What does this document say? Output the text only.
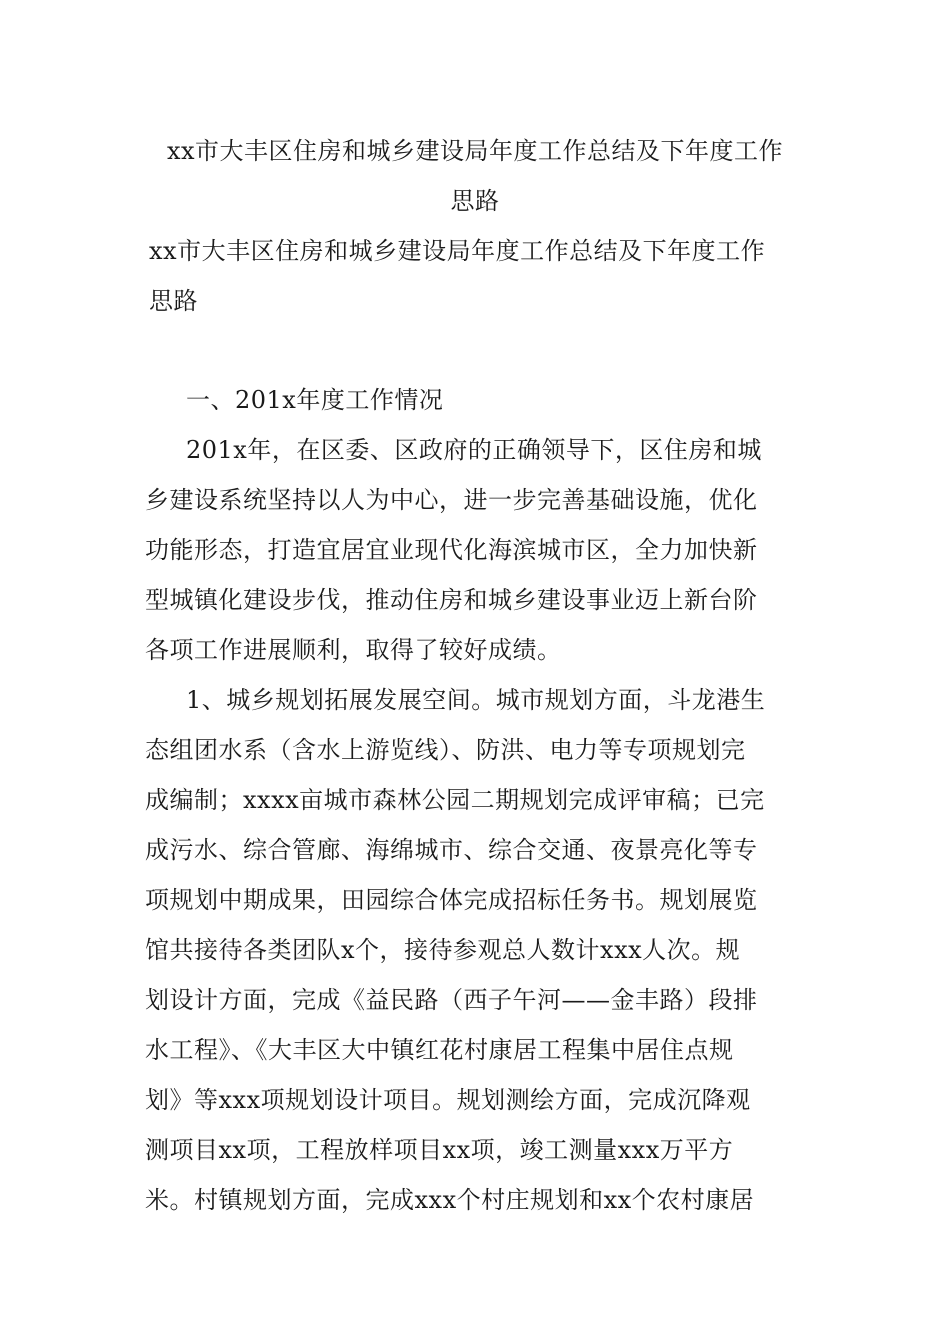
xx市大丰区住房和城乡建设局年度工作总结及下年度工作
思路
xx市大丰区住房和城乡建设局年度工作总结及下年度工作
思路
一、201x年度工作情况
201x年，在区委、区政府的正确领导下，区住房和城
乡建设系统坚持以人为中心，进一步完善基础设施，优化
功能形态，打造宜居宜业现代化海滨城市区，全力加快新
型城镇化建设步伐，推动住房和城乡建设事业迈上新台阶
各项工作进展顺利，取得了较好成绩。
1、城乡规划拓展发展空间。城市规划方面，斗龙港生
态组团水系（含水上游览线）、防洪、电力等专项规划完
成编制；xxxx亩城市森林公园二期规划完成评审稿；已完
成污水、综合管廊、海绵城市、综合交通、夜景亮化等专
项规划中期成果，田园综合体完成招标任务书。规划展览
馆共接待各类团队x个，接待参观总人数计xxx人次。规
划设计方面，完成《益民路（西子午河——金丰路）段排
水工程》、《大丰区大中镇红花村康居工程集中居住点规
划》等xxx项规划设计项目。规划测绘方面，完成沉降观
测项目xx项，工程放样项目xx项，竣工测量xxx万平方
米。村镇规划方面，完成xxx个村庄规划和xx个农村康居
